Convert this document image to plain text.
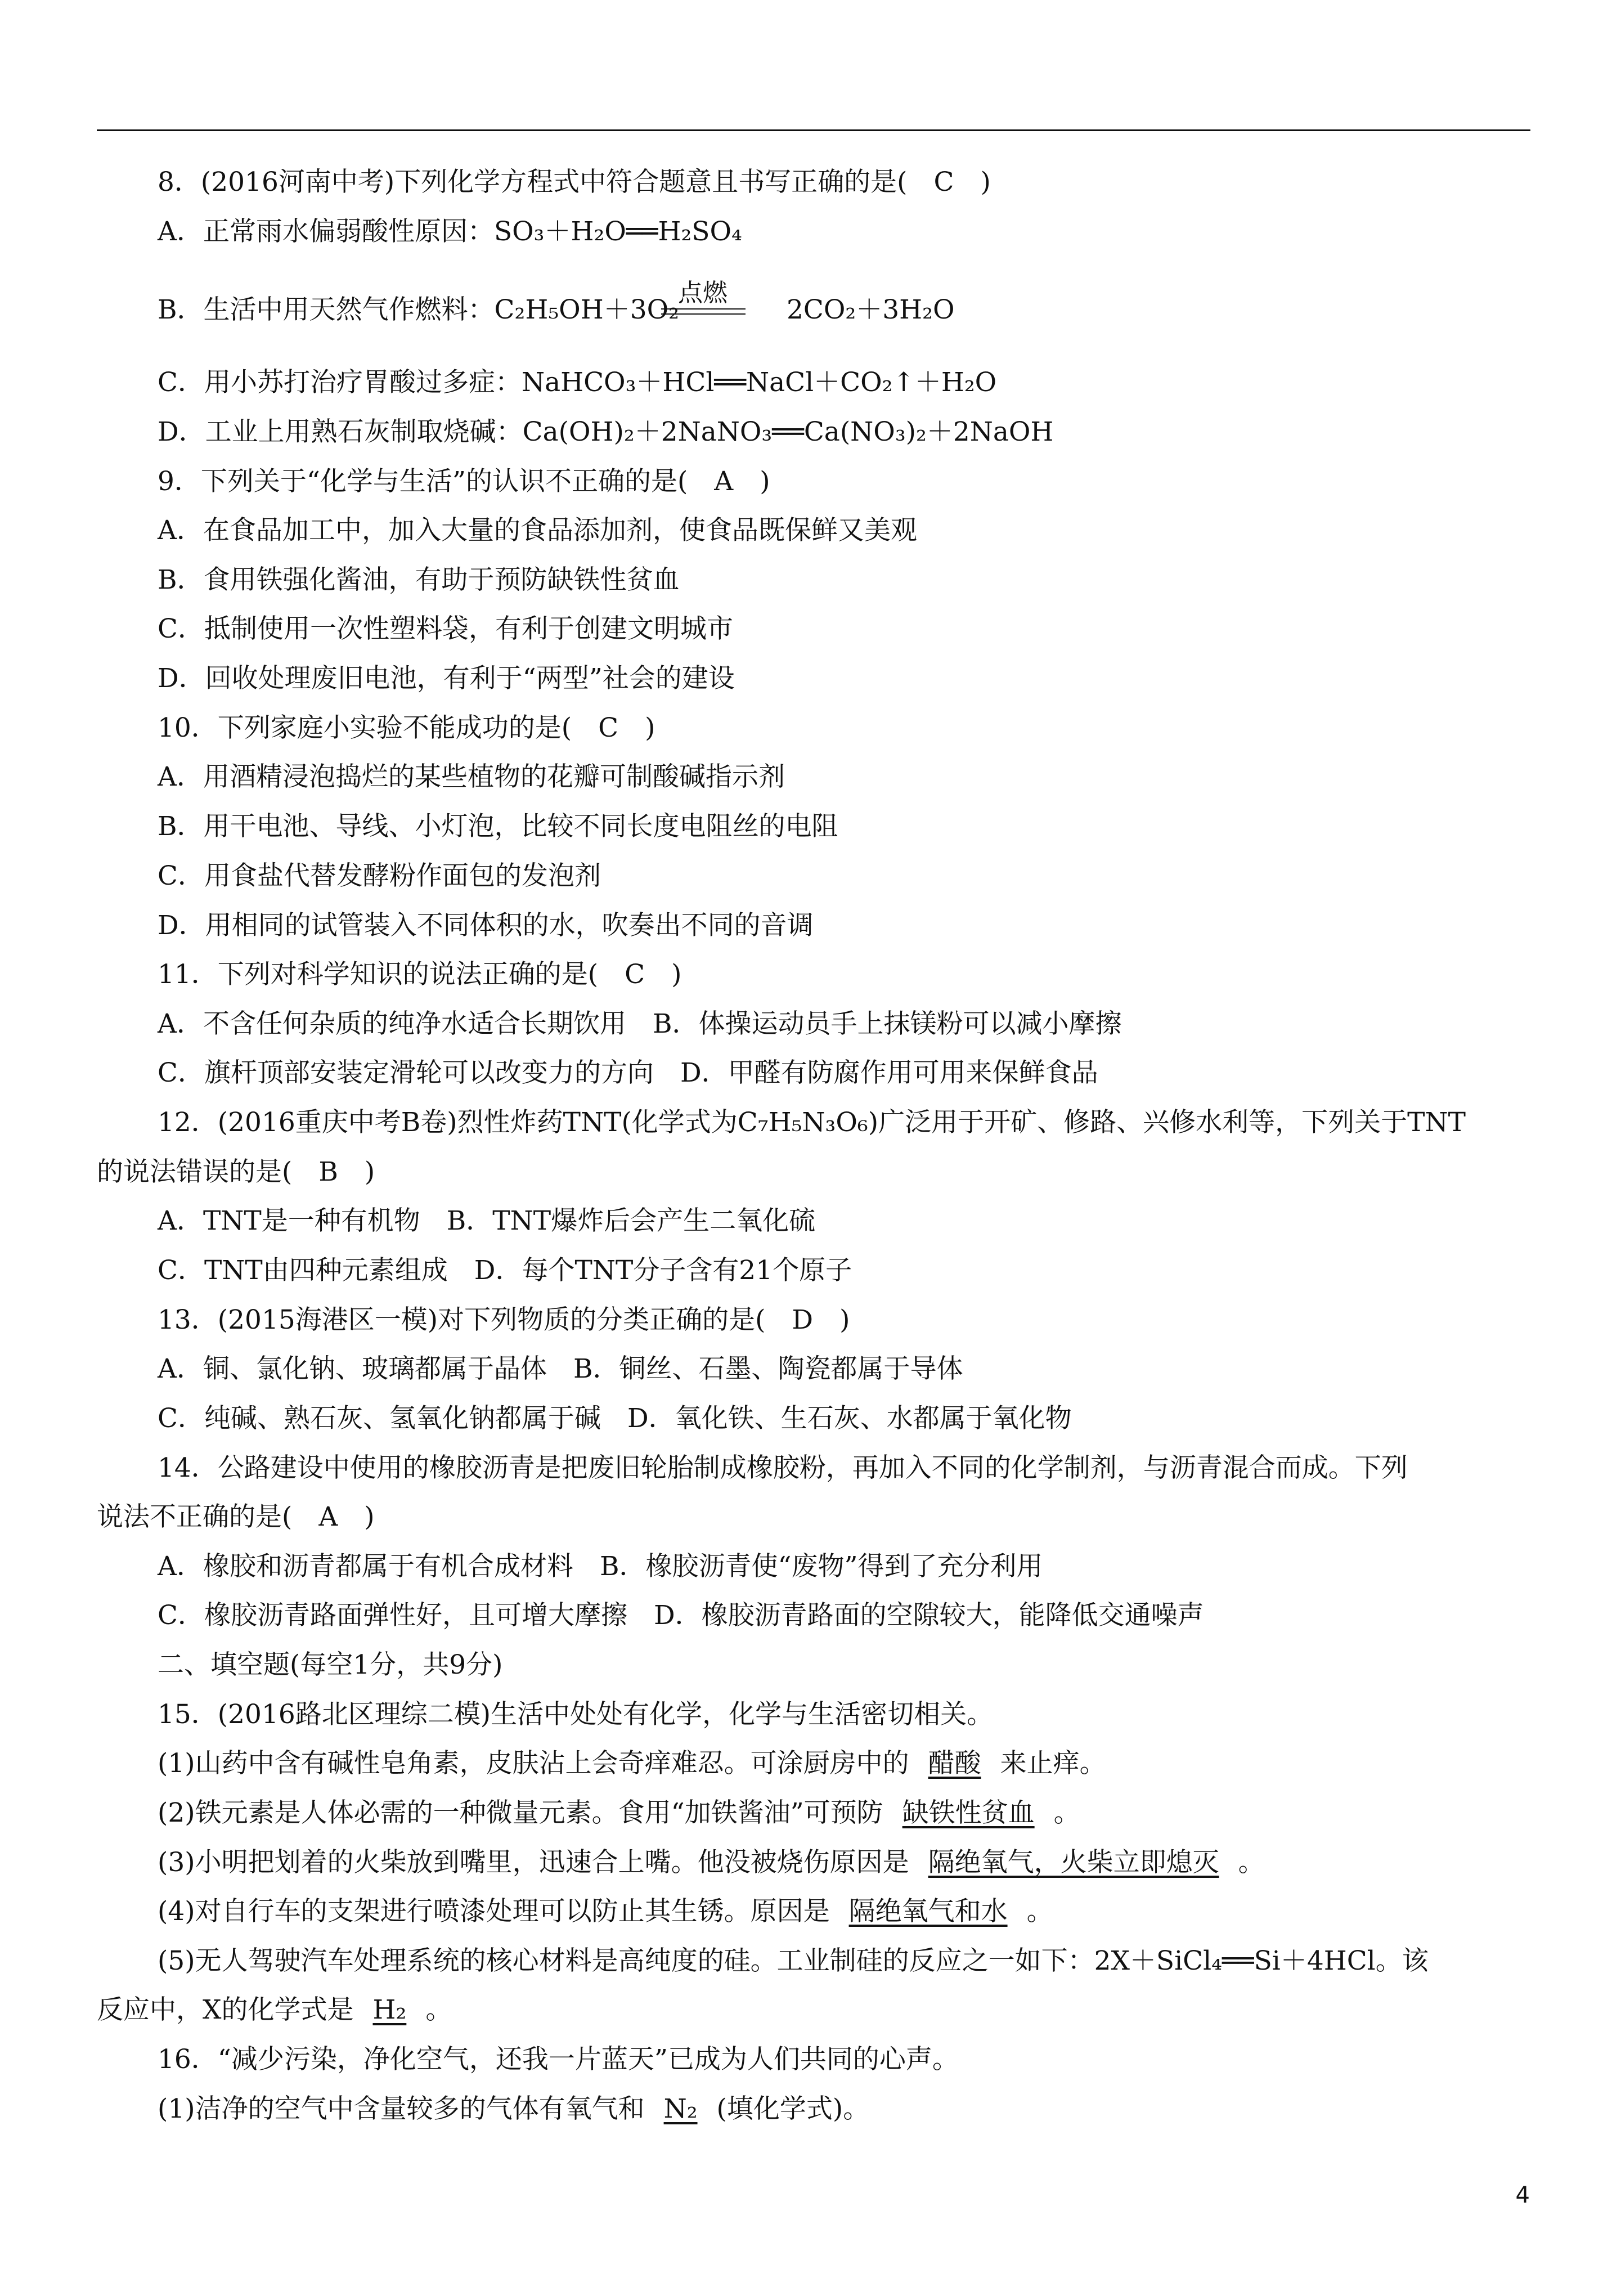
8．(2016河南中考)下列化学方程式中符合题意且书写正确的是(　C　)
A．正常雨水偏弱酸性原因：SO₃＋H₂O══H₂SO₄
B．生活中用天然气作燃料：C₂H₅OH＋3O₂	2CO₂＋3H₂O
C．用小苏打治疗胃酸过多症：NaHCO₃＋HCl══NaCl＋CO₂↑＋H₂O
D．工业上用熟石灰制取烧碱：Ca(OH)₂＋2NaNO₃══Ca(NO₃)₂＋2NaOH
9．下列关于“化学与生活”的认识不正确的是(　A　)
A．在食品加工中，加入大量的食品添加剂，使食品既保鲜又美观
B．食用铁强化酱油，有助于预防缺铁性贫血
C．抵制使用一次性塑料袋，有利于创建文明城市
D．回收处理废旧电池，有利于“两型”社会的建设
10．下列家庭小实验不能成功的是(　C　)
A．用酒精浸泡捣烂的某些植物的花瓣可制酸碱指示剂
B．用干电池、导线、小灯泡，比较不同长度电阻丝的电阻
C．用食盐代替发酵粉作面包的发泡剂
D．用相同的试管装入不同体积的水，吹奏出不同的音调
11．下列对科学知识的说法正确的是(　C　)
A．不含任何杂质的纯净水适合长期饮用　B．体操运动员手上抹镁粉可以减小摩擦
C．旗杆顶部安装定滑轮可以改变力的方向　D．甲醛有防腐作用可用来保鲜食品
12．(2016重庆中考B卷)烈性炸药TNT(化学式为C₇H₅N₃O₆)广泛用于开矿、修路、兴修水利等，下列关于TNT
的说法错误的是(　B　)
A．TNT是一种有机物　B．TNT爆炸后会产生二氧化硫
C．TNT由四种元素组成　D．每个TNT分子含有21个原子
13．(2015海港区一模)对下列物质的分类正确的是(　D　)
A．铜、氯化钠、玻璃都属于晶体　B．铜丝、石墨、陶瓷都属于导体
C．纯碱、熟石灰、氢氧化钠都属于碱　D．氧化铁、生石灰、水都属于氧化物
14．公路建设中使用的橡胶沥青是把废旧轮胎制成橡胶粉，再加入不同的化学制剂，与沥青混合而成。下列
说法不正确的是(　A　)
A．橡胶和沥青都属于有机合成材料　B．橡胶沥青使“废物”得到了充分利用
C．橡胶沥青路面弹性好，且可增大摩擦　D．橡胶沥青路面的空隙较大，能降低交通噪声
二、填空题(每空1分，共9分)
15．(2016路北区理综二模)生活中处处有化学，化学与生活密切相关。
16．“减少污染，净化空气，还我一片蓝天”已成为人们共同的心声。
(1)山药中含有碱性皂角素，皮肤沾上会奇痒难忍。可涂厨房中的 醋酸 来止痒。
(2)铁元素是人体必需的一种微量元素。食用“加铁酱油”可预防 缺铁性贫血 。
(3)小明把划着的火柴放到嘴里，迅速合上嘴。他没被烧伤原因是 隔绝氧气，火柴立即熄灭 。
(4)对自行车的支架进行喷漆处理可以防止其生锈。原因是 隔绝氧气和水 。
(5)无人驾驶汽车处理系统的核心材料是高纯度的硅。工业制硅的反应之一如下：2X＋SiCl₄══Si＋4HCl。该
反应中，X的化学式是 H₂ 。
(1)洁净的空气中含量较多的气体有氧气和 N₂ (填化学式)。
点燃
4
